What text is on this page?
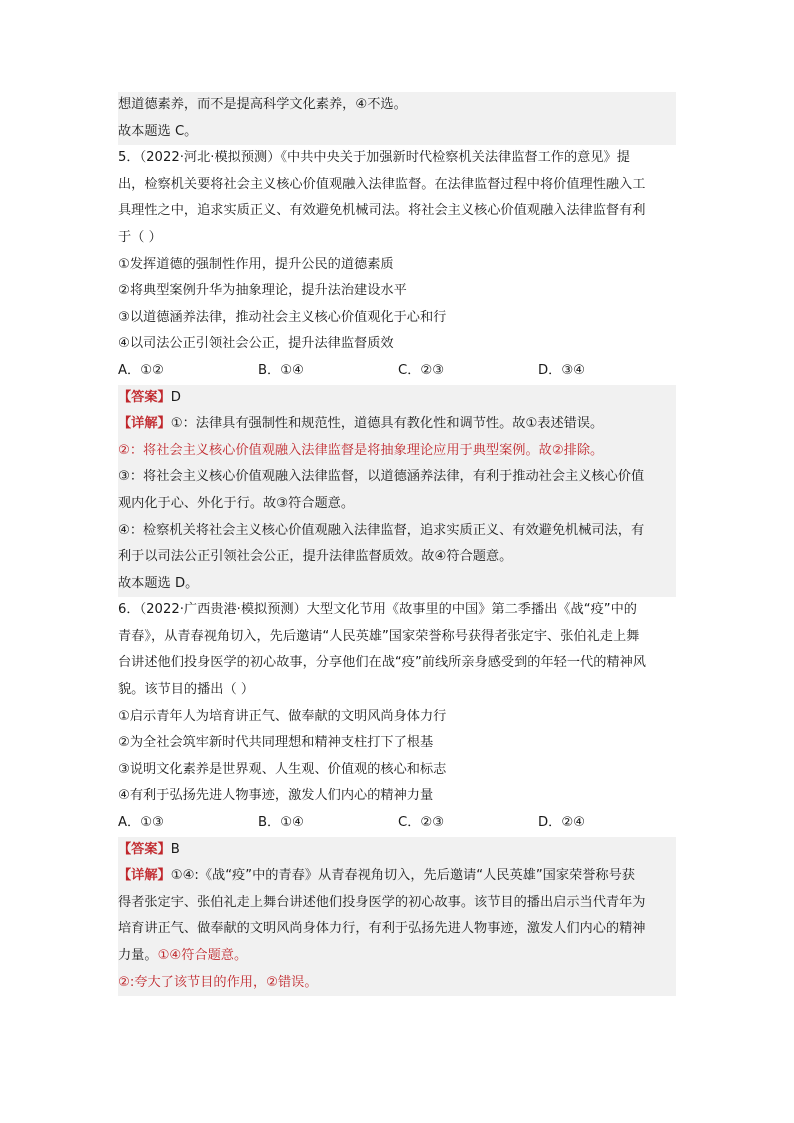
想道德素养，而不是提高科学文化素养，④不选。
故本题选 C。
5．（2022·河北·模拟预测）《中共中央关于加强新时代检察机关法律监督工作的意见》提
出，检察机关要将社会主义核心价值观融入法律监督。在法律监督过程中将价值理性融入工
具理性之中，追求实质正义、有效避免机械司法。将社会主义核心价值观融入法律监督有利
于（ ）
①发挥道德的强制性作用，提升公民的道德素质
②将典型案例升华为抽象理论，提升法治建设水平
③以道德涵养法律，推动社会主义核心价值观化于心和行
④以司法公正引领社会公正，提升法律监督质效
A．①②	B．①④	C．②③	D．③④
【答案】D
【详解】①：法律具有强制性和规范性，道德具有教化性和调节性。故①表述错误。
②：将社会主义核心价值观融入法律监督是将抽象理论应用于典型案例。故②排除。
③：将社会主义核心价值观融入法律监督，以道德涵养法律，有利于推动社会主义核心价值
观内化于心、外化于行。故③符合题意。
④：检察机关将社会主义核心价值观融入法律监督，追求实质正义、有效避免机械司法，有
利于以司法公正引领社会公正，提升法律监督质效。故④符合题意。
故本题选 D。
6．（2022·广西贵港·模拟预测）大型文化节用《故事里的中国》第二季播出《战“疫”中的
青春》，从青春视角切入，先后邀请“人民英雄”国家荣誉称号获得者张定宇、张伯礼走上舞
台讲述他们投身医学的初心故事，分享他们在战“疫”前线所亲身感受到的年轻一代的精神风
貌。该节目的播出（ ）
①启示青年人为培育讲正气、做奉献的文明风尚身体力行
②为全社会筑牢新时代共同理想和精神支柱打下了根基
③说明文化素养是世界观、人生观、价值观的核心和标志
④有利于弘扬先进人物事迹，激发人们内心的精神力量
A．①③	B．①④	C．②③	D．②④
【答案】B
【详解】①④:《战“疫”中的青春》从青春视角切入，先后邀请“人民英雄”国家荣誉称号获
得者张定宇、张伯礼走上舞台讲述他们投身医学的初心故事。该节目的播出启示当代青年为
培育讲正气、做奉献的文明风尚身体力行，有利于弘扬先进人物事迹，激发人们内心的精神
力量。①④符合题意。
②:夸大了该节目的作用，②错误。
